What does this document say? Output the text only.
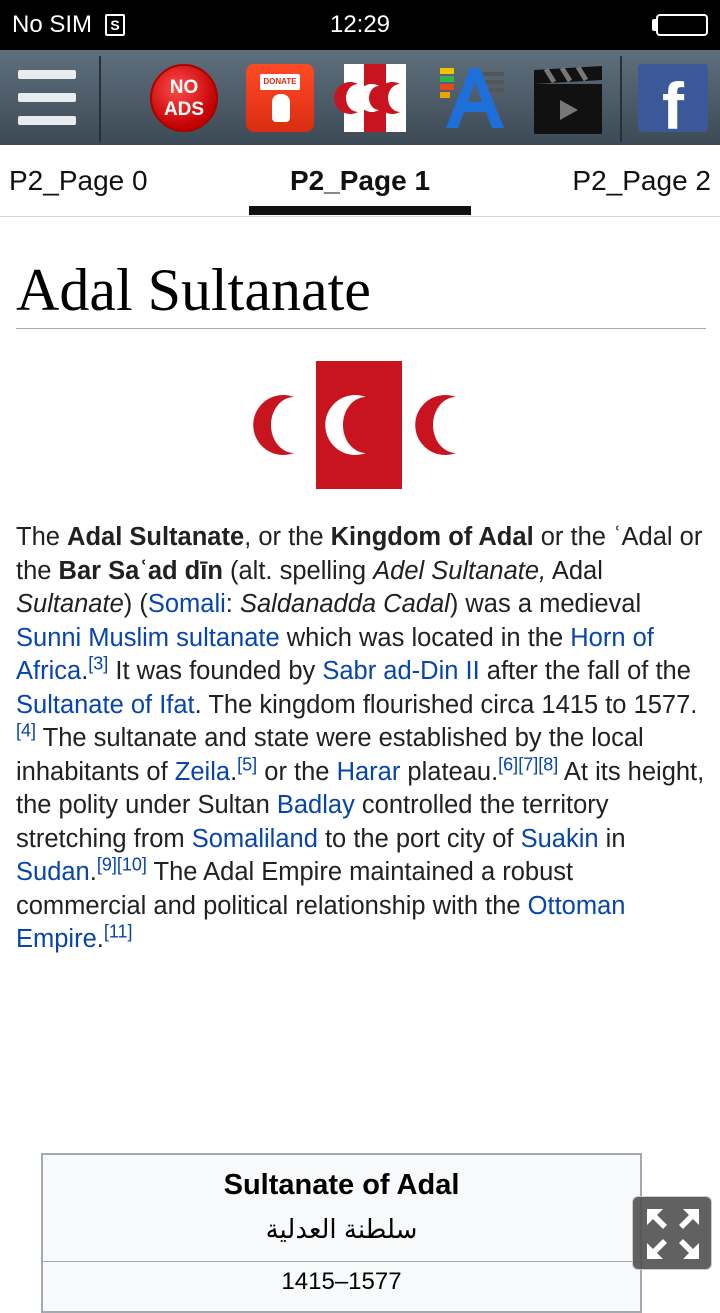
No SIM	S	12:29
NO
ADS
DONATE	f
P2_Page 0	P2_Page 1	P2_Page 2
Adal Sultanate

The Adal Sultanate, or the Kingdom of Adal or the ʿAdal or the Bar Saʿad dīn (alt. spelling Adel Sultanate, Adal Sultanate) (Somali: Saldanadda Cadal) was a medieval Sunni Muslim sultanate which was located in the Horn of Africa.[3] It was founded by Sabr ad-Din II after the fall of the Sultanate of Ifat. The kingdom flourished circa 1415 to 1577.[4] The sultanate and state were established by the local inhabitants of Zeila.[5] or the Harar plateau.[6][7][8] At its height, the polity under Sultan Badlay controlled the territory stretching from Somaliland to the port city of Suakin in Sudan.[9][10] The Adal Empire maintained a robust commercial and political relationship with the Ottoman Empire.[11]

Sultanate of Adal
سلطنة العدلية
1415–1577
